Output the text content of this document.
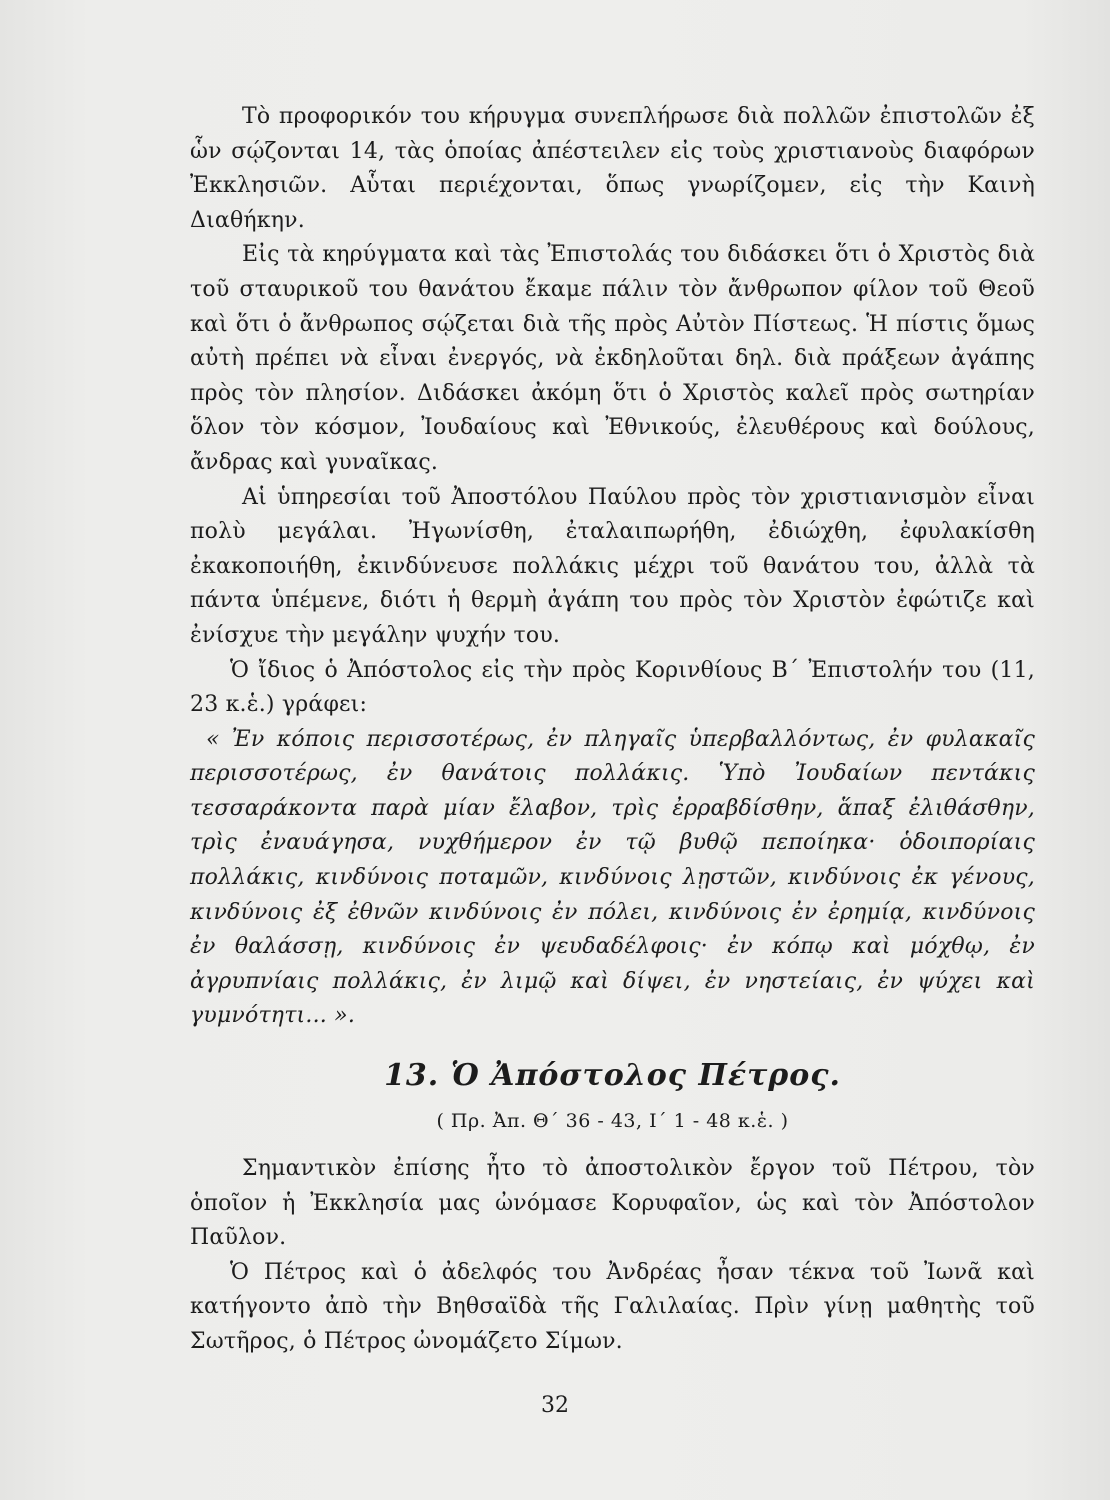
Τὸ προφορικόν του κήρυγμα συνεπλήρωσε διὰ πολλῶν ἐπιστολῶν ἐξ ὧν σῴζονται 14, τὰς ὁποίας ἀπέστειλεν εἰς τοὺς χριστιανοὺς διαφόρων Ἐκκλησιῶν. Αὗται περιέχονται, ὅπως γνωρίζομεν, εἰς τὴν Καινὴ Διαθήκην.

Εἰς τὰ κηρύγματα καὶ τὰς Ἐπιστολάς του διδάσκει ὅτι ὁ Χριστὸς διὰ τοῦ σταυρικοῦ του θανάτου ἔκαμε πάλιν τὸν ἄνθρωπον φίλον τοῦ Θεοῦ καὶ ὅτι ὁ ἄνθρωπος σῴζεται διὰ τῆς πρὸς Αὐτὸν Πίστεως. Ἡ πίστις ὅμως αὐτὴ πρέπει νὰ εἶναι ἐνεργός, νὰ ἐκδηλοῦται δηλ. διὰ πράξεων ἀγάπης πρὸς τὸν πλησίον. Διδάσκει ἀκόμη ὅτι ὁ Χριστὸς καλεῖ πρὸς σωτηρίαν ὅλον τὸν κόσμον, Ἰουδαίους καὶ Ἐθνικούς, ἐλευθέρους καὶ δούλους, ἄνδρας καὶ γυναῖκας.

Αἱ ὑπηρεσίαι τοῦ Ἀποστόλου Παύλου πρὸς τὸν χριστιανισμὸν εἶναι πολὺ μεγάλαι. Ἠγωνίσθη, ἐταλαιπωρήθη, ἐδιώχθη, ἐφυλακίσθη ἐκακοποιήθη, ἐκινδύνευσε πολλάκις μέχρι τοῦ θανάτου του, ἀλλὰ τὰ πάντα ὑπέμενε, διότι ἡ θερμὴ ἀγάπη του πρὸς τὸν Χριστὸν ἐφώτιζε καὶ ἐνίσχυε τὴν μεγάλην ψυχήν του.

Ὁ ἴδιος ὁ Ἀπόστολος εἰς τὴν πρὸς Κορινθίους Β΄ Ἐπιστολήν του (11, 23 κ.ἑ.) γράφει:

« Ἐν κόποις περισσοτέρως, ἐν πληγαῖς ὑπερβαλλόντως, ἐν φυλακαῖς περισσοτέρως, ἐν θανάτοις πολλάκις. Ὑπὸ Ἰουδαίων πεντάκις τεσσαράκοντα παρὰ μίαν ἔλαβον, τρὶς ἐρραβδίσθην, ἅπαξ ἐλιθάσθην, τρὶς ἐναυάγησα, νυχθήμερον ἐν τῷ βυθῷ πεποίηκα· ὁδοιπορίαις πολλάκις, κινδύνοις ποταμῶν, κινδύνοις λῃστῶν, κινδύνοις ἐκ γένους, κινδύνοις ἐξ ἐθνῶν κινδύνοις ἐν πόλει, κινδύνοις ἐν ἐρημίᾳ, κινδύνοις ἐν θαλάσσῃ, κινδύνοις ἐν ψευδαδέλφοις· ἐν κόπῳ καὶ μόχθῳ, ἐν ἀγρυπνίαις πολλάκις, ἐν λιμῷ καὶ δίψει, ἐν νηστείαις, ἐν ψύχει καὶ γυμνότητι... ».

13. Ὁ Ἀπόστολος Πέτρος.
( Πρ. Ἀπ. Θ΄ 36 - 43, Ι΄ 1 - 48 κ.ἑ. )

Σημαντικὸν ἐπίσης ἦτο τὸ ἀποστολικὸν ἔργον τοῦ Πέτρου, τὸν ὁποῖον ἡ Ἐκκλησία μας ὠνόμασε Κορυφαῖον, ὡς καὶ τὸν Ἀπόστολον Παῦλον.

Ὁ Πέτρος καὶ ὁ ἀδελφός του Ἀνδρέας ἦσαν τέκνα τοῦ Ἰωνᾶ καὶ κατήγοντο ἀπὸ τὴν Βηθσαϊδὰ τῆς Γαλιλαίας. Πρὶν γίνῃ μαθητὴς τοῦ Σωτῆρος, ὁ Πέτρος ὠνομάζετο Σίμων.

32
